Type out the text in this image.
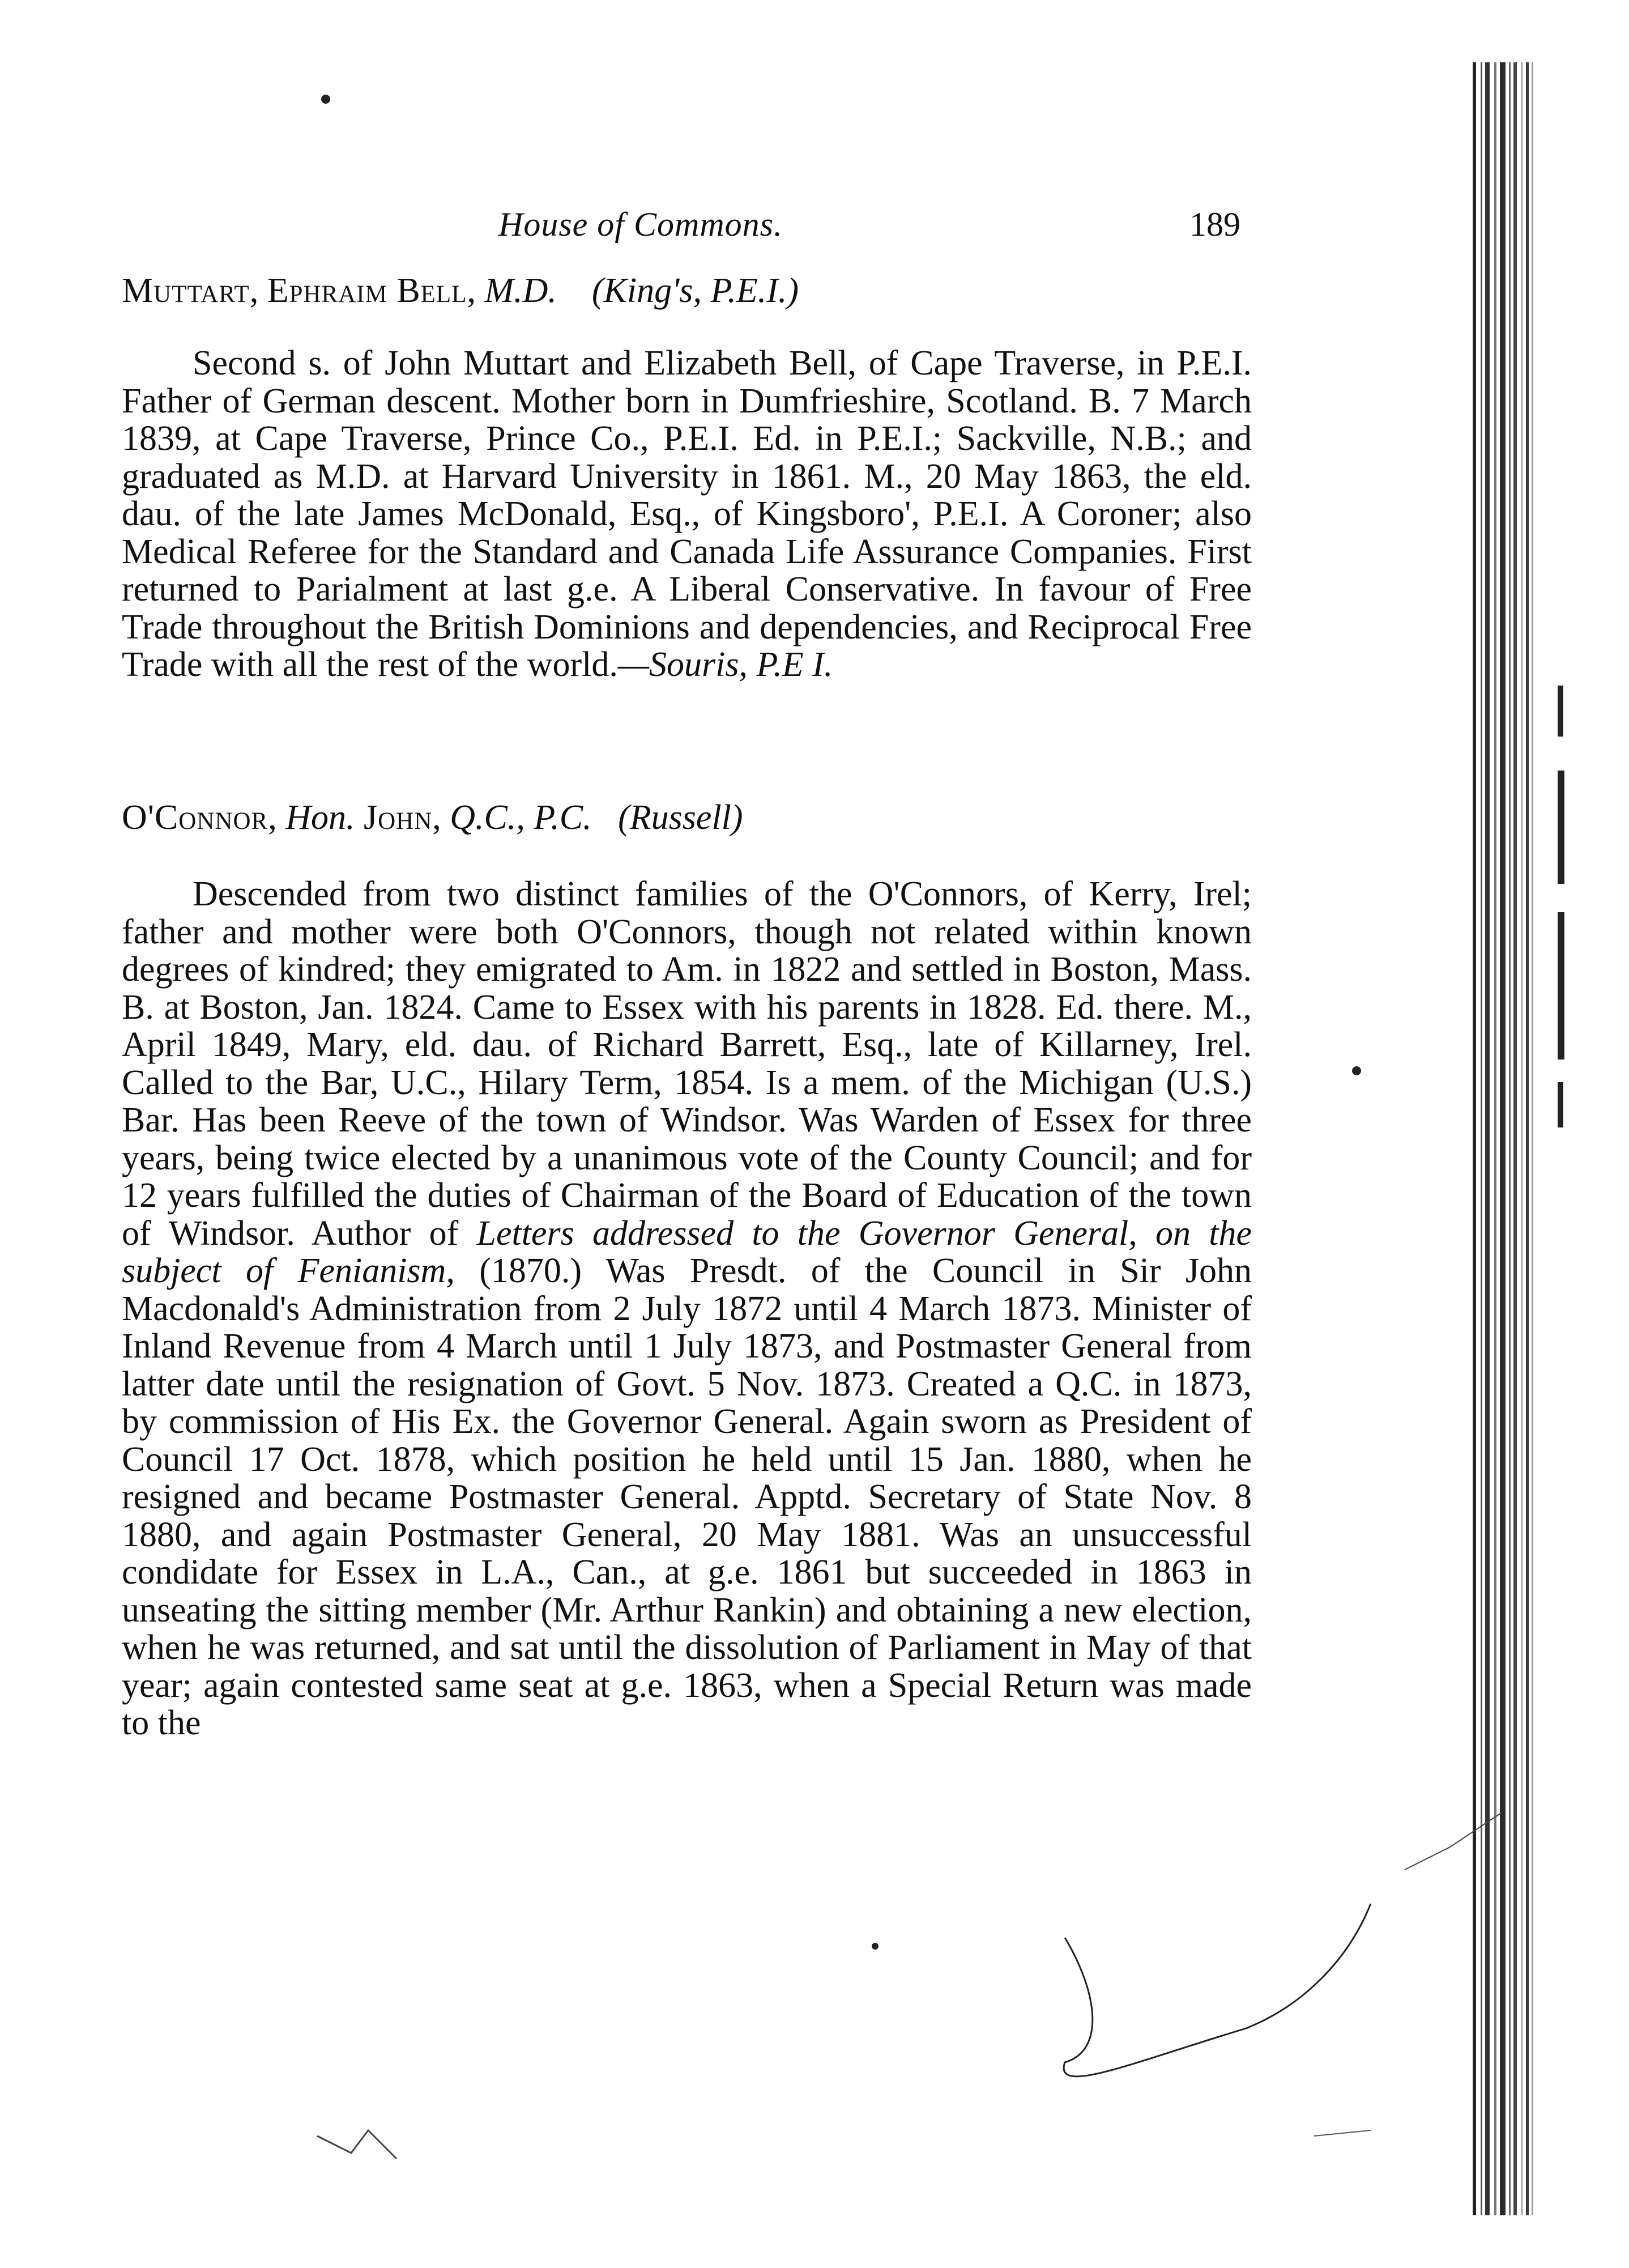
House of Commons.	189
Muttart, Ephraim Bell, M.D. (King's, P.E.I.)

Second s. of John Muttart and Elizabeth Bell, of Cape Traverse, in P.E.I. Father of German descent. Mother born in Dumfrieshire, Scotland. B. 7 March 1839, at Cape Traverse, Prince Co., P.E.I. Ed. in P.E.I.; Sackville, N.B.; and graduated as M.D. at Harvard University in 1861. M., 20 May 1863, the eld. dau. of the late James McDonald, Esq., of Kingsboro', P.E.I. A Coroner; also Medical Referee for the Standard and Canada Life Assurance Companies. First returned to Parialment at last g.e. A Liberal Conservative. In favour of Free Trade throughout the British Dominions and dependencies, and Reciprocal Free Trade with all the rest of the world.—Souris, P.E I.

O'Connor, Hon. John, Q.C., P.C. (Russell)

Descended from two distinct families of the O'Connors, of Kerry, Irel; father and mother were both O'Connors, though not related within known degrees of kindred; they emigrated to Am. in 1822 and settled in Boston, Mass. B. at Boston, Jan. 1824. Came to Essex with his parents in 1828. Ed. there. M., April 1849, Mary, eld. dau. of Richard Barrett, Esq., late of Killarney, Irel. Called to the Bar, U.C., Hilary Term, 1854. Is a mem. of the Michigan (U.S.) Bar. Has been Reeve of the town of Windsor. Was Warden of Essex for three years, being twice elected by a unanimous vote of the County Council; and for 12 years fulfilled the duties of Chairman of the Board of Education of the town of Windsor. Author of Letters addressed to the Governor General, on the subject of Fenianism, (1870.) Was Presdt. of the Council in Sir John Macdonald's Administration from 2 July 1872 until 4 March 1873. Minister of Inland Revenue from 4 March until 1 July 1873, and Postmaster General from latter date until the resignation of Govt. 5 Nov. 1873. Created a Q.C. in 1873, by commission of His Ex. the Governor General. Again sworn as President of Council 17 Oct. 1878, which position he held until 15 Jan. 1880, when he resigned and became Postmaster General. Apptd. Secretary of State Nov. 8 1880, and again Postmaster General, 20 May 1881. Was an unsuccessful condidate for Essex in L.A., Can., at g.e. 1861 but succeeded in 1863 in unseating the sitting member (Mr. Arthur Rankin) and obtaining a new election, when he was returned, and sat until the dissolution of Parliament in May of that year; again contested same seat at g.e. 1863, when a Special Return was made to the
